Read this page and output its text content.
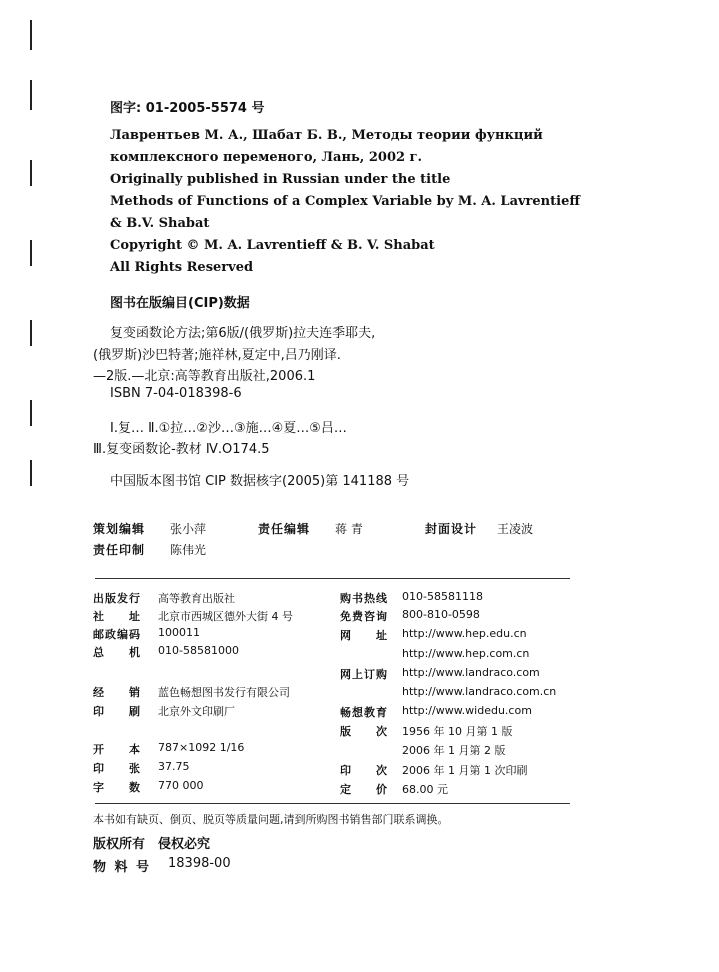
图字: 01-2005-5574 号
Лаврентьев М. А., Шабат Б. В., Методы теории функций
комплексного переменого, Лань, 2002 г.
Originally published in Russian under the title
Methods of Functions of a Complex Variable by M. A. Lavrentieff
& B.V. Shabat
Copyright © M. A. Lavrentieff & B. V. Shabat
All Rights Reserved
图书在版编目(CIP)数据
复变函数论方法;第6版/(俄罗斯)拉夫连季耶夫,
(俄罗斯)沙巴特著;施祥林,夏定中,吕乃刚译.
—2版.—北京:高等教育出版社,2006.1
ISBN 7-04-018398-6
Ⅰ.复… Ⅱ.①拉…②沙…③施…④夏…⑤吕…
Ⅲ.复变函数论-教材 Ⅳ.O174.5
中国版本图书馆 CIP 数据核字(2005)第 141188 号
策划编辑 张小萍	责任编辑 蒋 青	封面设计 王凌波
责任印制 陈伟光
出版发行 高等教育出版社
社　　址 北京市西城区德外大街 4 号
邮政编码 100011
总　　机 010-58581000
经　　销 蓝色畅想图书发行有限公司
印　　刷 北京外文印刷厂
开　　本 787×1092 1/16
印　　张 37.75
字　　数 770 000
购书热线 010-58581118
免费咨询 800-810-0598
网　　址 http://www.hep.edu.cn
http://www.hep.com.cn
网上订购 http://www.landraco.com
http://www.landraco.com.cn
畅想教育 http://www.widedu.com
版　　次 1956 年 10 月第 1 版
2006 年 1 月第 2 版
印　　次 2006 年 1 月第 1 次印刷
定　　价 68.00 元
本书如有缺页、倒页、脱页等质量问题,请到所购图书销售部门联系调换。
版权所有　侵权必究
物 料 号 18398-00
